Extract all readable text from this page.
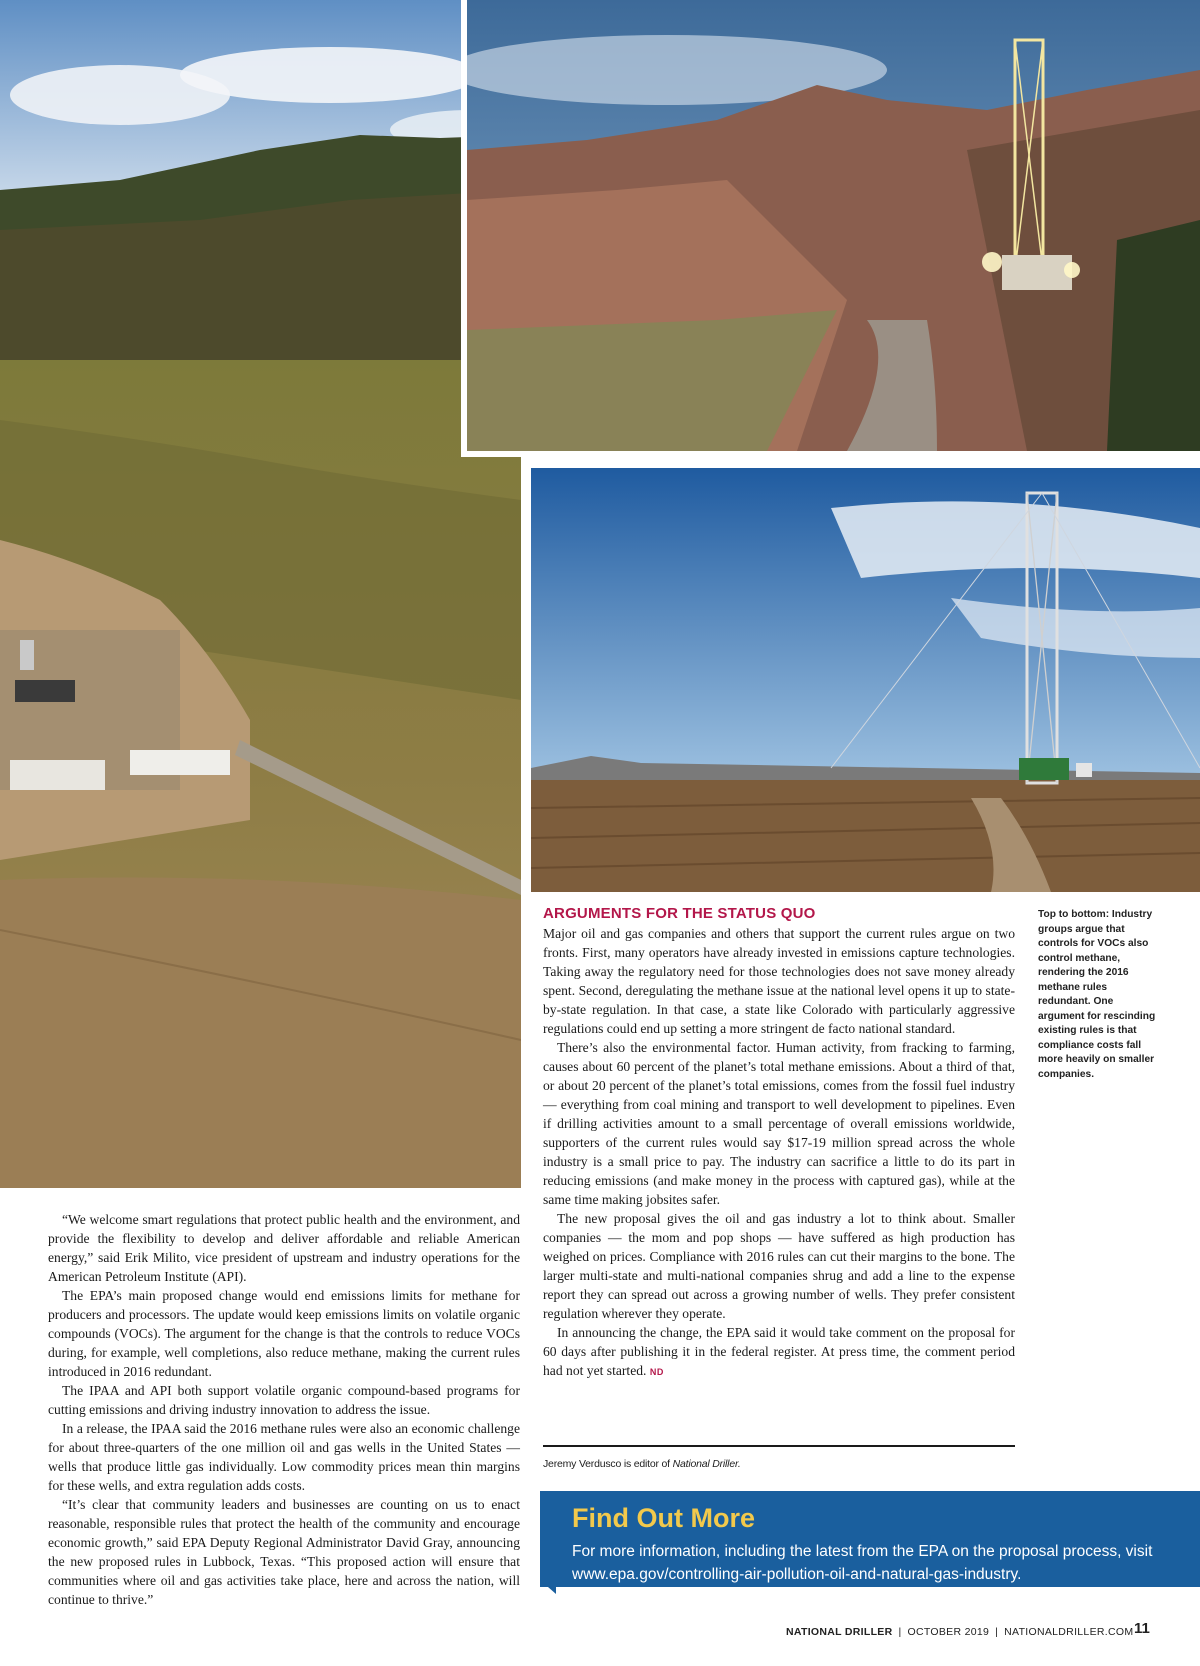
“We welcome smart regulations that protect public health and the environment, and provide the flexibility to develop and deliver affordable and reliable American energy,” said Erik Milito, vice president of upstream and industry operations for the American Petroleum Institute (API).

The EPA’s main proposed change would end emissions limits for methane for producers and processors. The update would keep emissions limits on volatile organic compounds (VOCs). The argument for the change is that the controls to reduce VOCs during, for example, well completions, also reduce methane, making the current rules introduced in 2016 redundant.

The IPAA and API both support volatile organic compound-based programs for cutting emissions and driving industry innovation to address the issue.

In a release, the IPAA said the 2016 methane rules were also an economic challenge for about three-quarters of the one million oil and gas wells in the United States — wells that produce little gas individually. Low commodity prices mean thin margins for these wells, and extra regulation adds costs.

“It’s clear that community leaders and businesses are counting on us to enact reasonable, responsible rules that protect the health of the community and encourage economic growth,” said EPA Deputy Regional Administrator David Gray, announcing the new proposed rules in Lubbock, Texas. “This proposed action will ensure that communities where oil and gas activities take place, here and across the nation, will continue to thrive.”

ARGUMENTS FOR THE STATUS QUO

Major oil and gas companies and others that support the current rules argue on two fronts. First, many operators have already invested in emissions capture technologies. Taking away the regulatory need for those technologies does not save money already spent. Second, deregulating the methane issue at the national level opens it up to state-by-state regulation. In that case, a state like Colorado with particularly aggressive regulations could end up setting a more stringent de facto national standard.

There’s also the environmental factor. Human activity, from fracking to farming, causes about 60 percent of the planet’s total methane emissions. About a third of that, or about 20 percent of the planet’s total emissions, comes from the fossil fuel industry — everything from coal mining and transport to well development to pipelines. Even if drilling activities amount to a small percentage of overall emissions worldwide, supporters of the current rules would say $17-19 million spread across the whole industry is a small price to pay. The industry can sacrifice a little to do its part in reducing emissions (and make money in the process with captured gas), while at the same time making jobsites safer.

The new proposal gives the oil and gas industry a lot to think about. Smaller companies — the mom and pop shops — have suffered as high production has weighed on prices. Compliance with 2016 rules can cut their margins to the bone. The larger multi-state and multi-national companies shrug and add a line to the expense report they can spread out across a growing number of wells. They prefer consistent regulation wherever they operate.

In announcing the change, the EPA said it would take comment on the proposal for 60 days after publishing it in the federal register. At press time, the comment period had not yet started. ND

Jeremy Verdusco is editor of National Driller.
Top to bottom: Industry groups argue that controls for VOCs also control methane, rendering the 2016 methane rules redundant. One argument for rescinding existing rules is that compliance costs fall more heavily on smaller companies.
Find Out More
For more information, including the latest from the EPA on the proposal process, visit www.epa.gov/controlling-air-pollution-oil-and-natural-gas-industry.
NATIONAL DRILLER | OCTOBER 2019 | NATIONALDRILLER.COM 11
